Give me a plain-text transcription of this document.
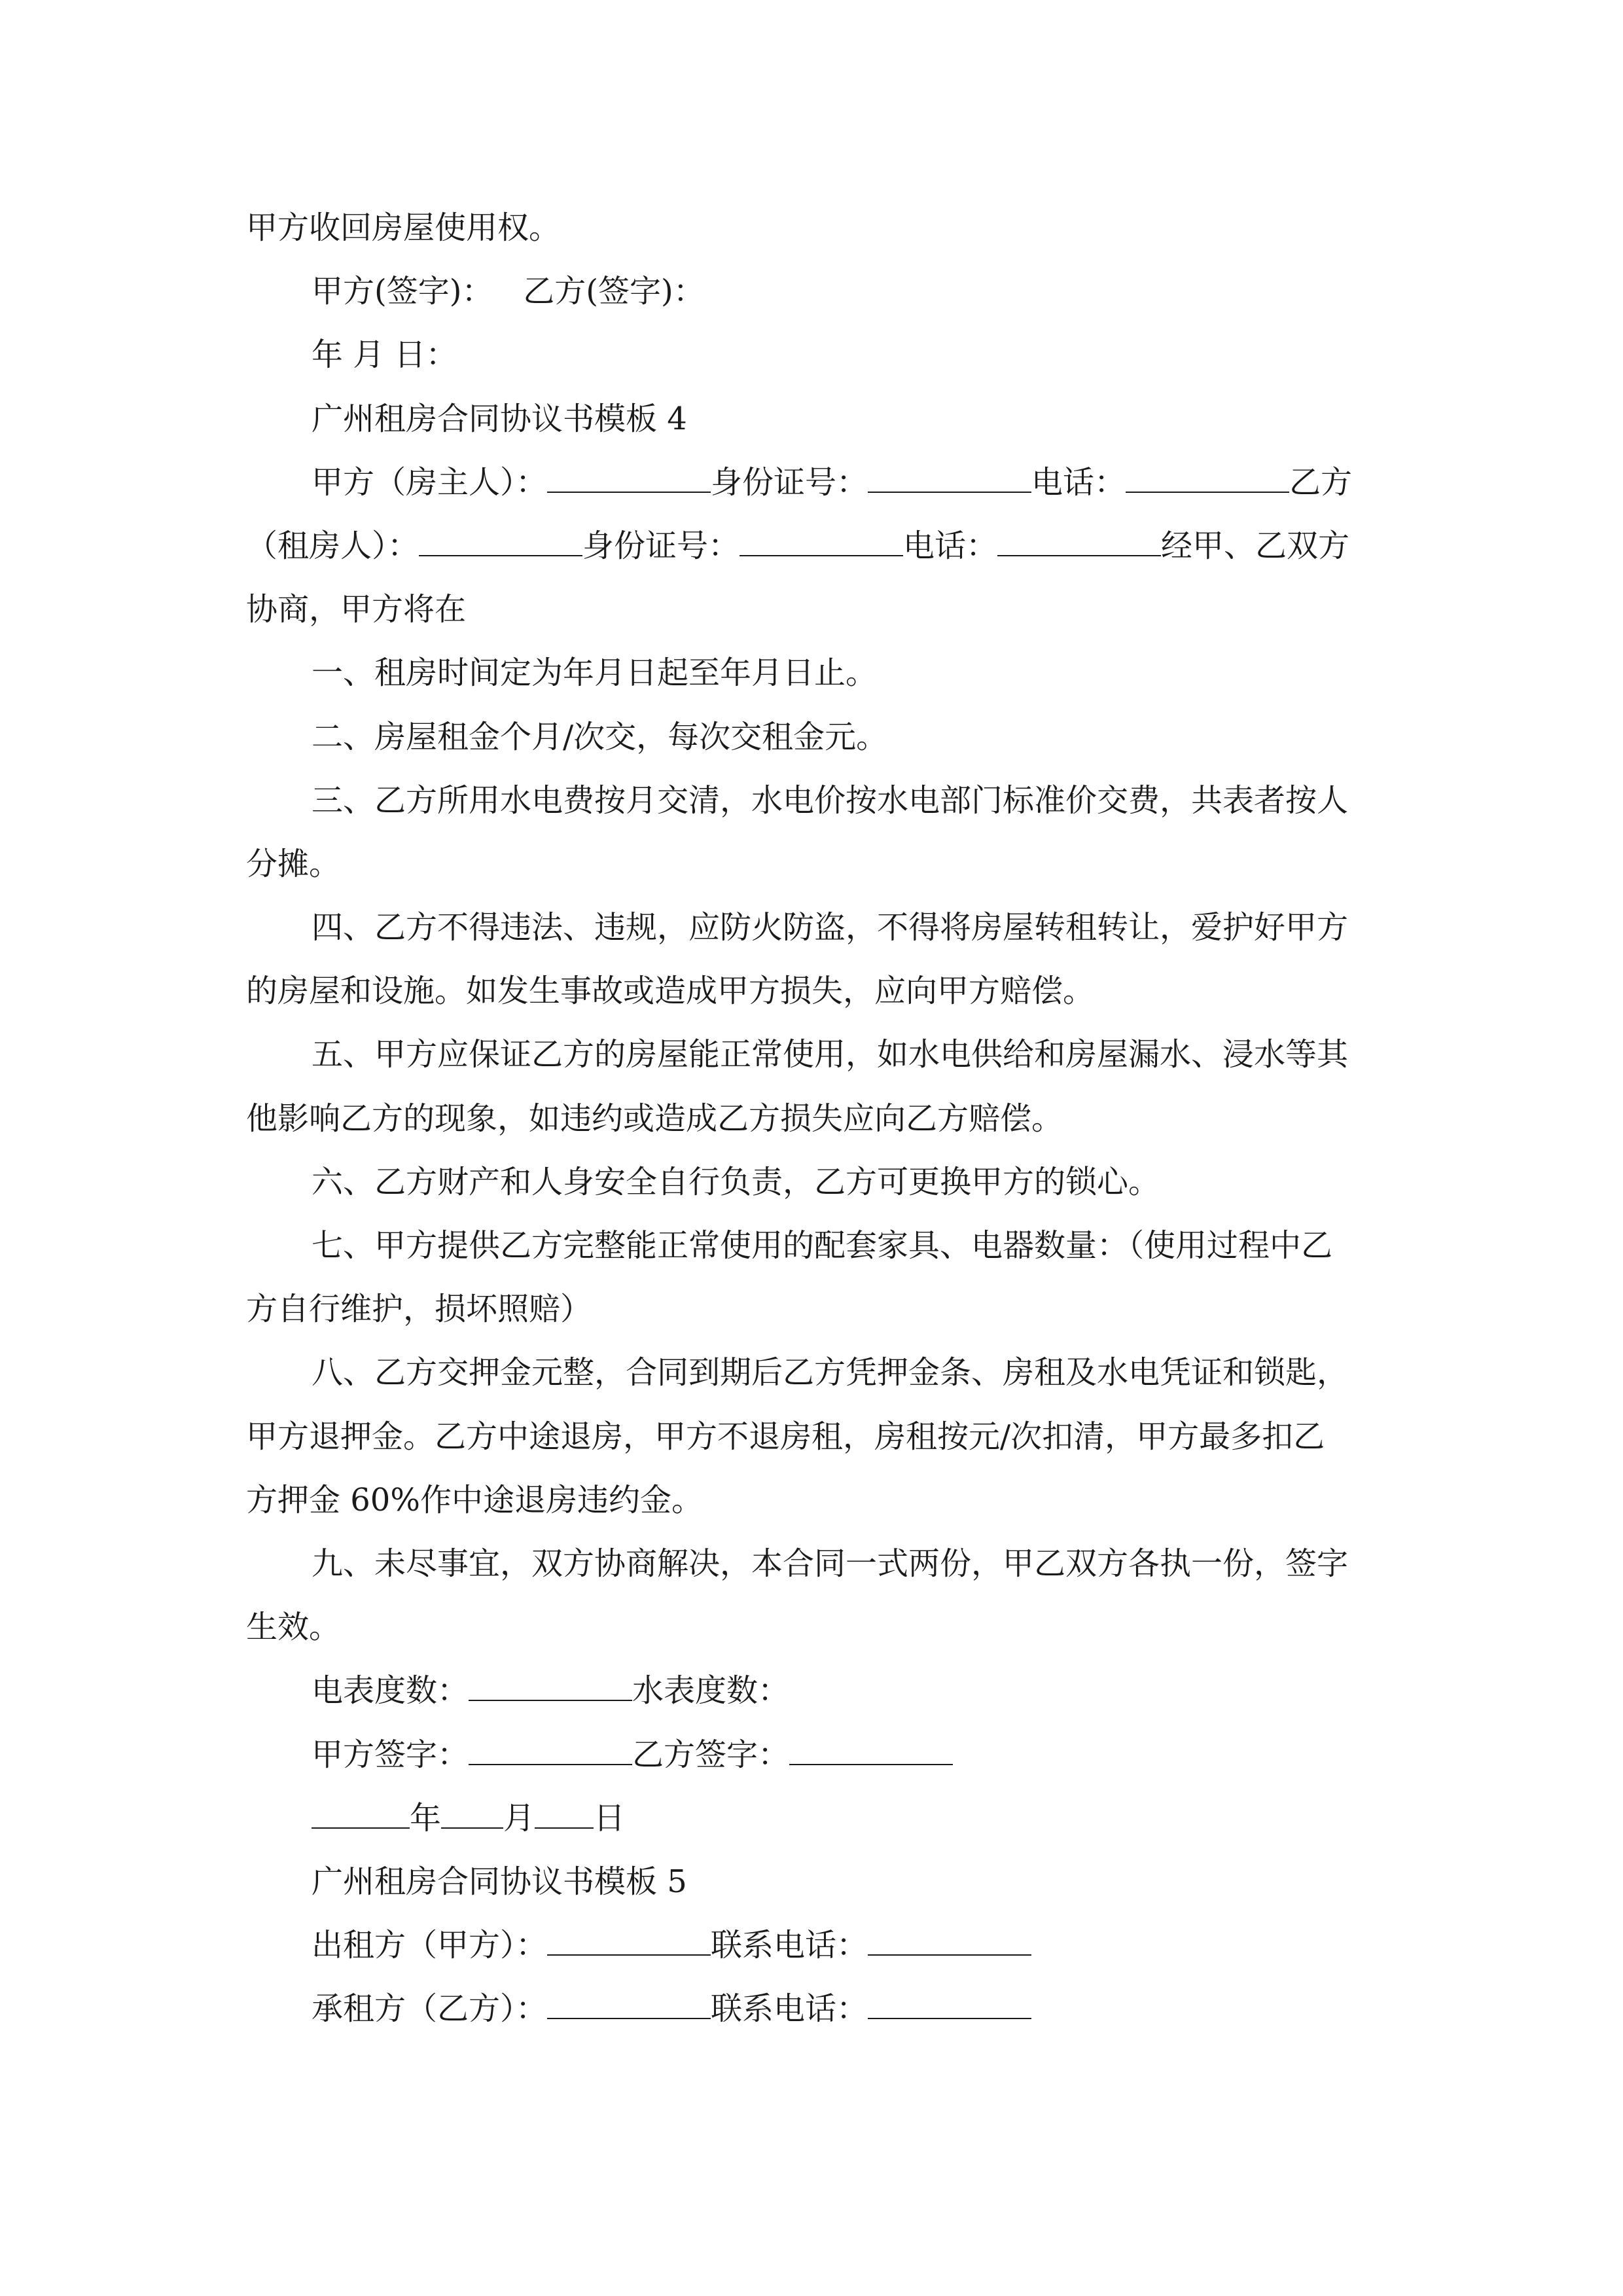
甲方收回房屋使用权。
甲方(签字)： 乙方(签字)：
年 月 日：
广州租房合同协议书模板 4
甲方（房主人）：	身份证号：	电话：	乙方
（租房人）：	身份证号：	电话：	经甲、乙双方
协商，甲方将在
一、租房时间定为年月日起至年月日止。
二、房屋租金个月/次交，每次交租金元。
三、乙方所用水电费按月交清，水电价按水电部门标准价交费，共表者按人
分摊。
四、乙方不得违法、违规，应防火防盗，不得将房屋转租转让，爱护好甲方
的房屋和设施。如发生事故或造成甲方损失，应向甲方赔偿。
五、甲方应保证乙方的房屋能正常使用，如水电供给和房屋漏水、浸水等其
他影响乙方的现象，如违约或造成乙方损失应向乙方赔偿。
六、乙方财产和人身安全自行负责，乙方可更换甲方的锁心。
七、甲方提供乙方完整能正常使用的配套家具、电器数量：（使用过程中乙
方自行维护，损坏照赔）
八、乙方交押金元整，合同到期后乙方凭押金条、房租及水电凭证和锁匙，
甲方退押金。乙方中途退房，甲方不退房租，房租按元/次扣清，甲方最多扣乙
方押金 60%作中途退房违约金。
九、未尽事宜，双方协商解决，本合同一式两份，甲乙双方各执一份，签字
生效。
电表度数：	水表度数：
甲方签字：	乙方签字：
年 月 日
广州租房合同协议书模板 5
出租方（甲方）：	联系电话：
承租方（乙方）：	联系电话：
